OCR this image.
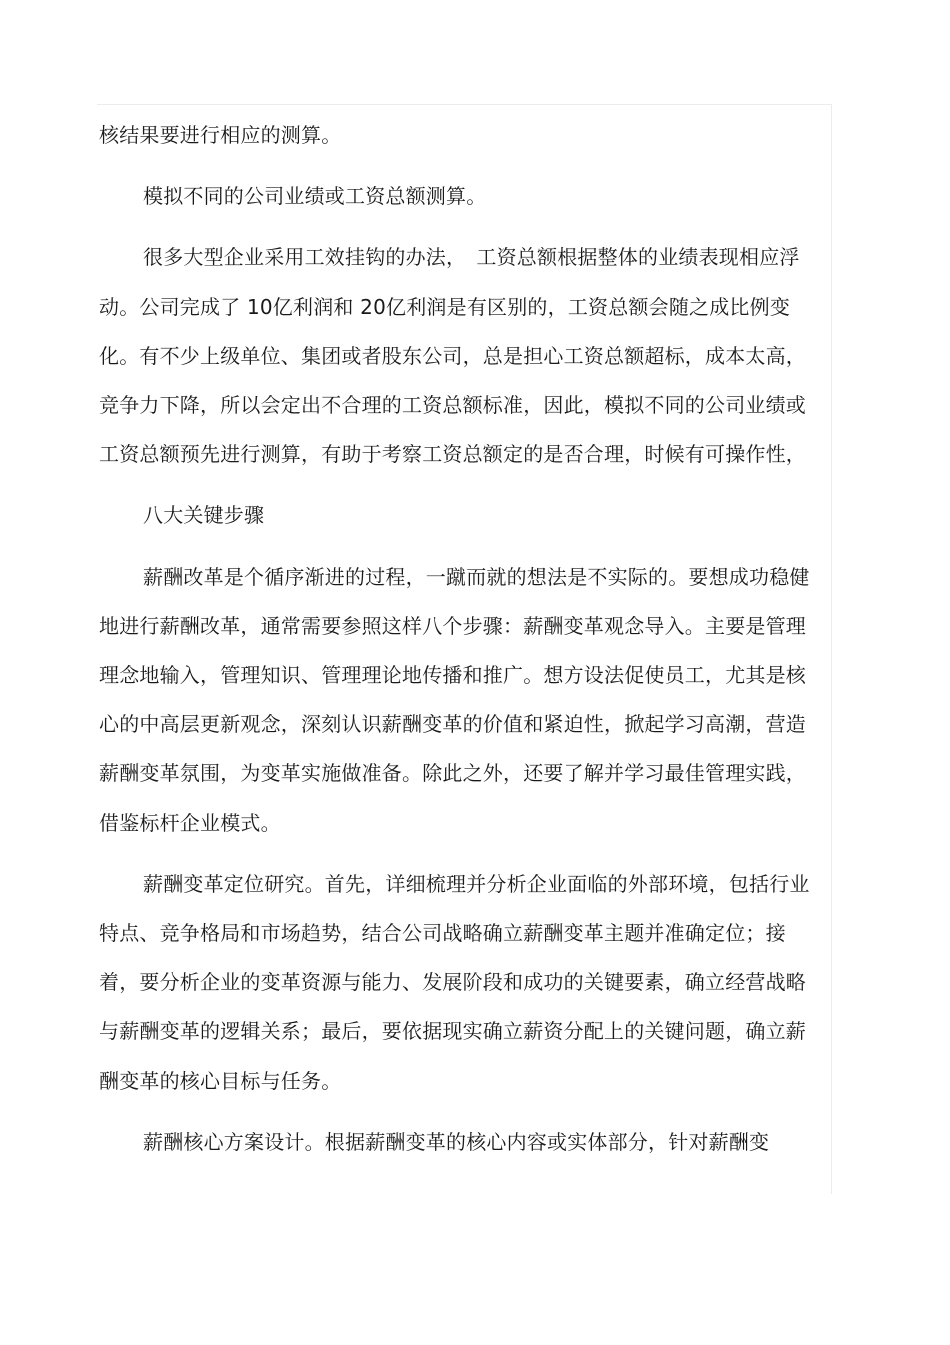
核结果要进行相应的测算。

模拟不同的公司业绩或工资总额测算。

很多大型企业采用工效挂钩的办法，　工资总额根据整体的业绩表现相应浮动。公司完成了 10亿利润和 20亿利润是有区别的，工资总额会随之成比例变化。有不少上级单位、集团或者股东公司，总是担心工资总额超标，成本太高，竞争力下降，所以会定出不合理的工资总额标准，因此，模拟不同的公司业绩或工资总额预先进行测算，有助于考察工资总额定的是否合理，时候有可操作性，

八大关键步骤

薪酬改革是个循序渐进的过程，一蹴而就的想法是不实际的。要想成功稳健地进行薪酬改革，通常需要参照这样八个步骤：薪酬变革观念导入。主要是管理理念地输入，管理知识、管理理论地传播和推广。想方设法促使员工，尤其是核心的中高层更新观念，深刻认识薪酬变革的价值和紧迫性，掀起学习高潮，营造薪酬变革氛围，为变革实施做准备。除此之外，还要了解并学习最佳管理实践，借鉴标杆企业模式。

薪酬变革定位研究。首先，详细梳理并分析企业面临的外部环境，包括行业特点、竞争格局和市场趋势，结合公司战略确立薪酬变革主题并准确定位；接着，要分析企业的变革资源与能力、发展阶段和成功的关键要素，确立经营战略与薪酬变革的逻辑关系；最后，要依据现实确立薪资分配上的关键问题，确立薪酬变革的核心目标与任务。

薪酬核心方案设计。根据薪酬变革的核心内容或实体部分，针对薪酬变
